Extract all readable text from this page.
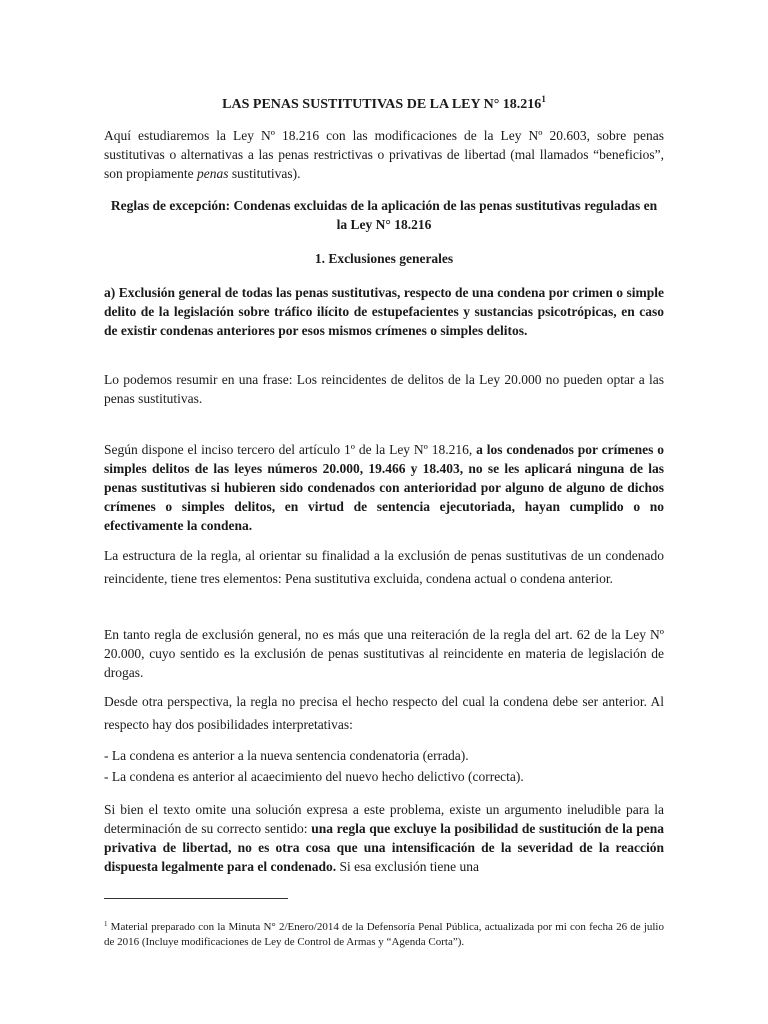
LAS PENAS SUSTITUTIVAS DE LA LEY N° 18.216$^1$

Aquí estudiaremos la Ley Nº 18.216 con las modificaciones de la Ley Nº 20.603, sobre penas sustitutivas o alternativas a las penas restrictivas o privativas de libertad (mal llamados “beneficios”, son propiamente penas sustitutivas).

Reglas de excepción: Condenas excluidas de la aplicación de las penas sustitutivas reguladas en la Ley N° 18.216

1. Exclusiones generales

a) Exclusión general de todas las penas sustitutivas, respecto de una condena por crimen o simple delito de la legislación sobre tráfico ilícito de estupefacientes y sustancias psicotrópicas, en caso de existir condenas anteriores por esos mismos crímenes o simples delitos.

Lo podemos resumir en una frase: Los reincidentes de delitos de la Ley 20.000 no pueden optar a las penas sustitutivas.

Según dispone el inciso tercero del artículo 1º de la Ley Nº 18.216, a los condenados por crímenes o simples delitos de las leyes números 20.000, 19.466 y 18.403, no se les aplicará ninguna de las penas sustitutivas si hubieren sido condenados con anterioridad por alguno de alguno de dichos crímenes o simples delitos, en virtud de sentencia ejecutoriada, hayan cumplido o no efectivamente la condena.

La estructura de la regla, al orientar su finalidad a la exclusión de penas sustitutivas de un condenado reincidente, tiene tres elementos: Pena sustitutiva excluida, condena actual o condena anterior.

En tanto regla de exclusión general, no es más que una reiteración de la regla del art. 62 de la Ley Nº 20.000, cuyo sentido es la exclusión de penas sustitutivas al reincidente en materia de legislación de drogas.

Desde otra perspectiva, la regla no precisa el hecho respecto del cual la condena debe ser anterior. Al respecto hay dos posibilidades interpretativas:

- La condena es anterior a la nueva sentencia condenatoria (errada).
- La condena es anterior al acaecimiento del nuevo hecho delictivo (correcta).

Si bien el texto omite una solución expresa a este problema, existe un argumento ineludible para la determinación de su correcto sentido: una regla que excluye la posibilidad de sustitución de la pena privativa de libertad, no es otra cosa que una intensificación de la severidad de la reacción dispuesta legalmente para el condenado. Si esa exclusión tiene una

$^1$ Material preparado con la Minuta N° 2/Enero/2014 de la Defensoría Penal Pública, actualizada por mi con fecha 26 de julio de 2016 (Incluye modificaciones de Ley de Control de Armas y “Agenda Corta”).
